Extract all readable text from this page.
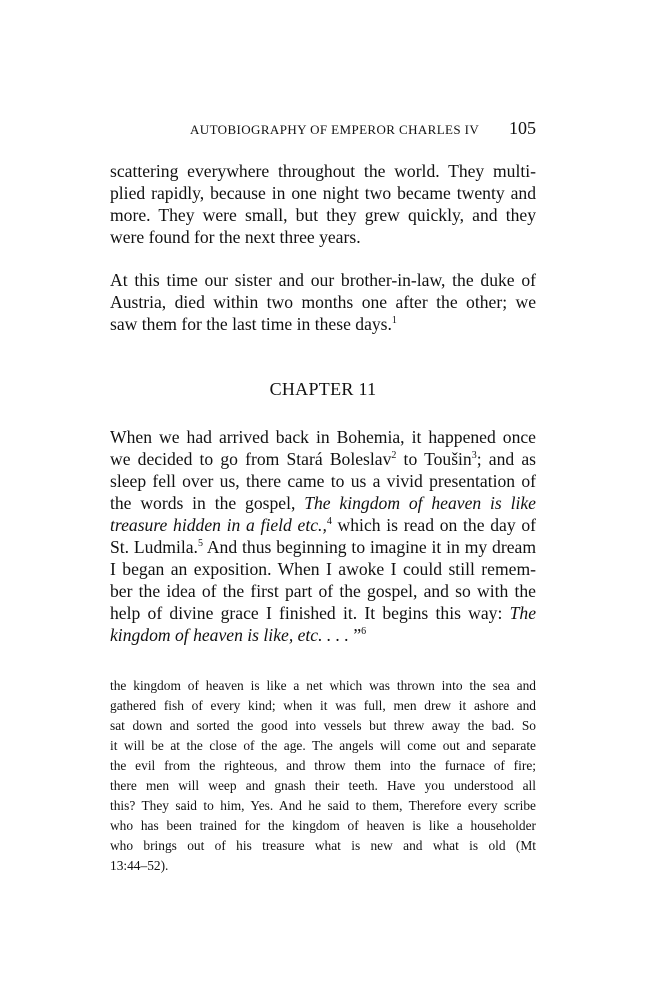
AUTOBIOGRAPHY OF EMPEROR CHARLES IV 105
scattering everywhere throughout the world. They multi-
plied rapidly, because in one night two became twenty and
more. They were small, but they grew quickly, and they
were found for the next three years.
At this time our sister and our brother-in-law, the duke of
Austria, died within two months one after the other; we
saw them for the last time in these days.$^1$
CHAPTER 11
When we had arrived back in Bohemia, it happened once
we decided to go from Stará Boleslav$^2$ to Toušin$^3$; and as
sleep fell over us, there came to us a vivid presentation of
the words in the gospel, The kingdom of heaven is like
treasure hidden in a field etc.,$^4$ which is read on the day of
St. Ludmila.$^5$ And thus beginning to imagine it in my dream
I began an exposition. When I awoke I could still remem-
ber the idea of the first part of the gospel, and so with the
help of divine grace I finished it. It begins this way: The
kingdom of heaven is like, etc. . . . ”$^6$
the kingdom of heaven is like a net which was thrown into the sea and
gathered fish of every kind; when it was full, men drew it ashore and
sat down and sorted the good into vessels but threw away the bad. So
it will be at the close of the age. The angels will come out and separate
the evil from the righteous, and throw them into the furnace of fire;
there men will weep and gnash their teeth. Have you understood all
this? They said to him, Yes. And he said to them, Therefore every scribe
who has been trained for the kingdom of heaven is like a householder
who brings out of his treasure what is new and what is old (Mt
13:44–52).
